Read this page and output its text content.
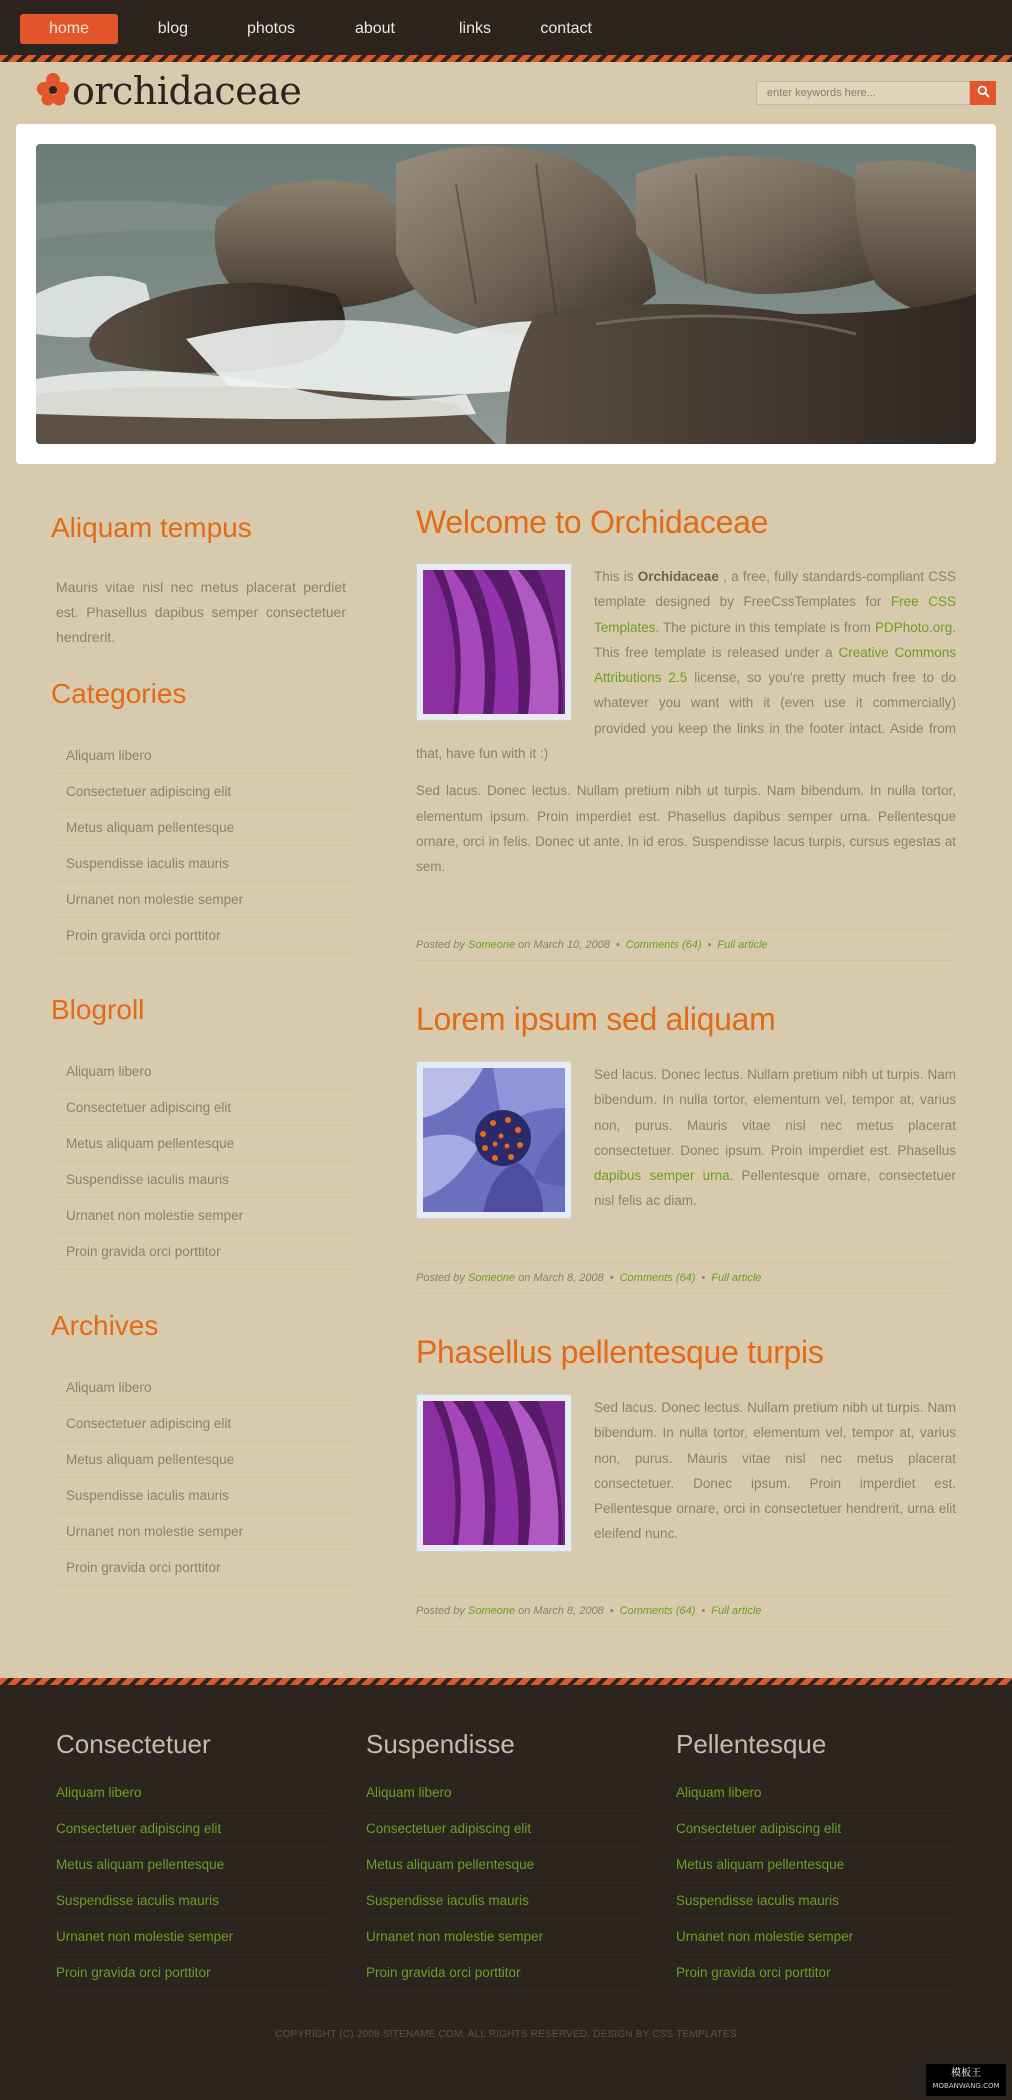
home	blog	photos	about	links	contact
orchidaceae
enter keywords here...
Aliquam tempus

Mauris vitae nisl nec metus placerat perdiet est. Phasellus dapibus semper consectetuer hendrerit.

Categories
Aliquam libero
Consectetuer adipiscing elit
Metus aliquam pellentesque
Suspendisse iaculis mauris
Urnanet non molestie semper
Proin gravida orci porttitor
Blogroll
Aliquam libero
Consectetuer adipiscing elit
Metus aliquam pellentesque
Suspendisse iaculis mauris
Urnanet non molestie semper
Proin gravida orci porttitor
Archives
Aliquam libero
Consectetuer adipiscing elit
Metus aliquam pellentesque
Suspendisse iaculis mauris
Urnanet non molestie semper
Proin gravida orci porttitor
Welcome to Orchidaceae
This is Orchidaceae , a free, fully standards-compliant CSS template designed by FreeCssTemplates for Free CSS Templates. The picture in this template is from PDPhoto.org. This free template is released under a Creative Commons Attributions 2.5 license, so you're pretty much free to do whatever you want with it (even use it commercially) provided you keep the links in the footer intact. Aside from that, have fun with it :)

Sed lacus. Donec lectus. Nullam pretium nibh ut turpis. Nam bibendum. In nulla tortor, elementum ipsum. Proin imperdiet est. Phasellus dapibus semper urna. Pellentesque ornare, orci in felis. Donec ut ante. In id eros. Suspendisse lacus turpis, cursus egestas at sem.

Posted by Someone on March 10, 2008 • Comments (64) • Full article
Lorem ipsum sed aliquam
Sed lacus. Donec lectus. Nullam pretium nibh ut turpis. Nam bibendum. In nulla tortor, elementum vel, tempor at, varius non, purus. Mauris vitae nisl nec metus placerat consectetuer. Donec ipsum. Proin imperdiet est. Phasellus dapibus semper urna. Pellentesque ornare, consectetuer nisl felis ac diam.
Posted by Someone on March 8, 2008 • Comments (64) • Full article
Phasellus pellentesque turpis
Sed lacus. Donec lectus. Nullam pretium nibh ut turpis. Nam bibendum. In nulla tortor, elementum vel, tempor at, varius non, purus. Mauris vitae nisl nec metus placerat consectetuer. Donec ipsum. Proin imperdiet est. Pellentesque ornare, orci in consectetuer hendrerit, urna elit eleifend nunc.
Posted by Someone on March 8, 2008 • Comments (64) • Full article
Consectetuer
Aliquam libero
Consectetuer adipiscing elit
Metus aliquam pellentesque
Suspendisse iaculis mauris
Urnanet non molestie semper
Proin gravida orci porttitor
Suspendisse
Aliquam libero
Consectetuer adipiscing elit
Metus aliquam pellentesque
Suspendisse iaculis mauris
Urnanet non molestie semper
Proin gravida orci porttitor
Pellentesque
Aliquam libero
Consectetuer adipiscing elit
Metus aliquam pellentesque
Suspendisse iaculis mauris
Urnanet non molestie semper
Proin gravida orci porttitor
COPYRIGHT (C) 2008 SITENAME.COM. ALL RIGHTS RESERVED. DESIGN BY CSS TEMPLATES
模板王
MOBANWANG.COM
